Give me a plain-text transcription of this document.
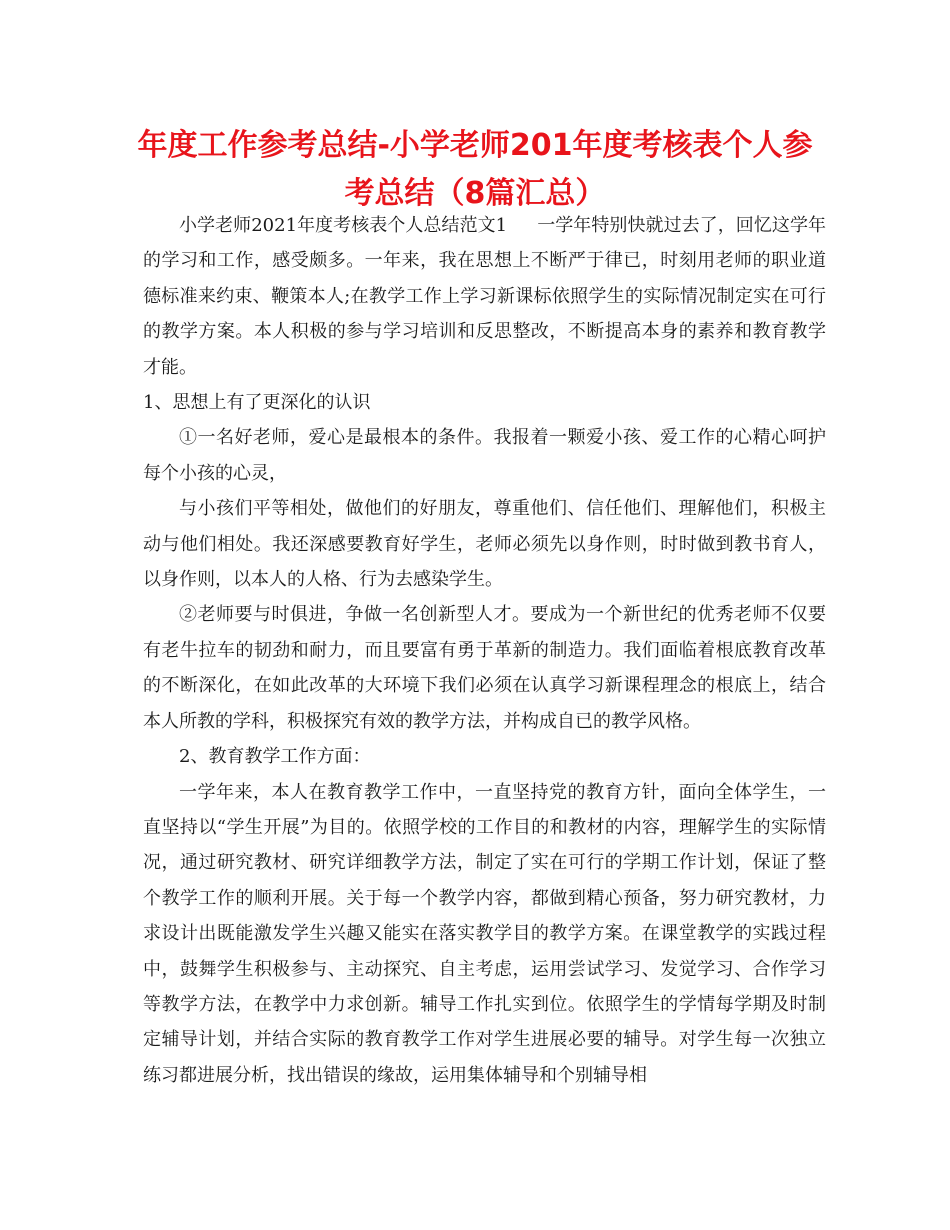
年度工作参考总结-小学老师201年度考核表个人参考总结（8篇汇总）

小学老师2021年度考核表个人总结范文1 一学年特别快就过去了，回忆这学年的学习和工作，感受颇多。一年来，我在思想上不断严于律已，时刻用老师的职业道德标准来约束、鞭策本人;在教学工作上学习新课标依照学生的实际情况制定实在可行的教学方案。本人积极的参与学习培训和反思整改，不断提高本身的素养和教育教学才能。

1、思想上有了更深化的认识

①一名好老师，爱心是最根本的条件。我报着一颗爱小孩、爱工作的心精心呵护每个小孩的心灵，

与小孩们平等相处，做他们的好朋友，尊重他们、信任他们、理解他们，积极主动与他们相处。我还深感要教育好学生，老师必须先以身作则，时时做到教书育人，以身作则，以本人的人格、行为去感染学生。

②老师要与时俱进，争做一名创新型人才。要成为一个新世纪的优秀老师不仅要有老牛拉车的韧劲和耐力，而且要富有勇于革新的制造力。我们面临着根底教育改革的不断深化，在如此改革的大环境下我们必须在认真学习新课程理念的根底上，结合本人所教的学科，积极探究有效的教学方法，并构成自已的教学风格。

2、教育教学工作方面：

一学年来，本人在教育教学工作中，一直坚持党的教育方针，面向全体学生，一直坚持以“学生开展”为目的。依照学校的工作目的和教材的内容，理解学生的实际情况，通过研究教材、研究详细教学方法，制定了实在可行的学期工作计划，保证了整个教学工作的顺利开展。关于每一个教学内容，都做到精心预备，努力研究教材，力求设计出既能激发学生兴趣又能实在落实教学目的教学方案。在课堂教学的实践过程中，鼓舞学生积极参与、主动探究、自主考虑，运用尝试学习、发觉学习、合作学习等教学方法，在教学中力求创新。辅导工作扎实到位。依照学生的学情每学期及时制定辅导计划，并结合实际的教育教学工作对学生进展必要的辅导。对学生每一次独立练习都进展分析，找出错误的缘故，运用集体辅导和个别辅导相
